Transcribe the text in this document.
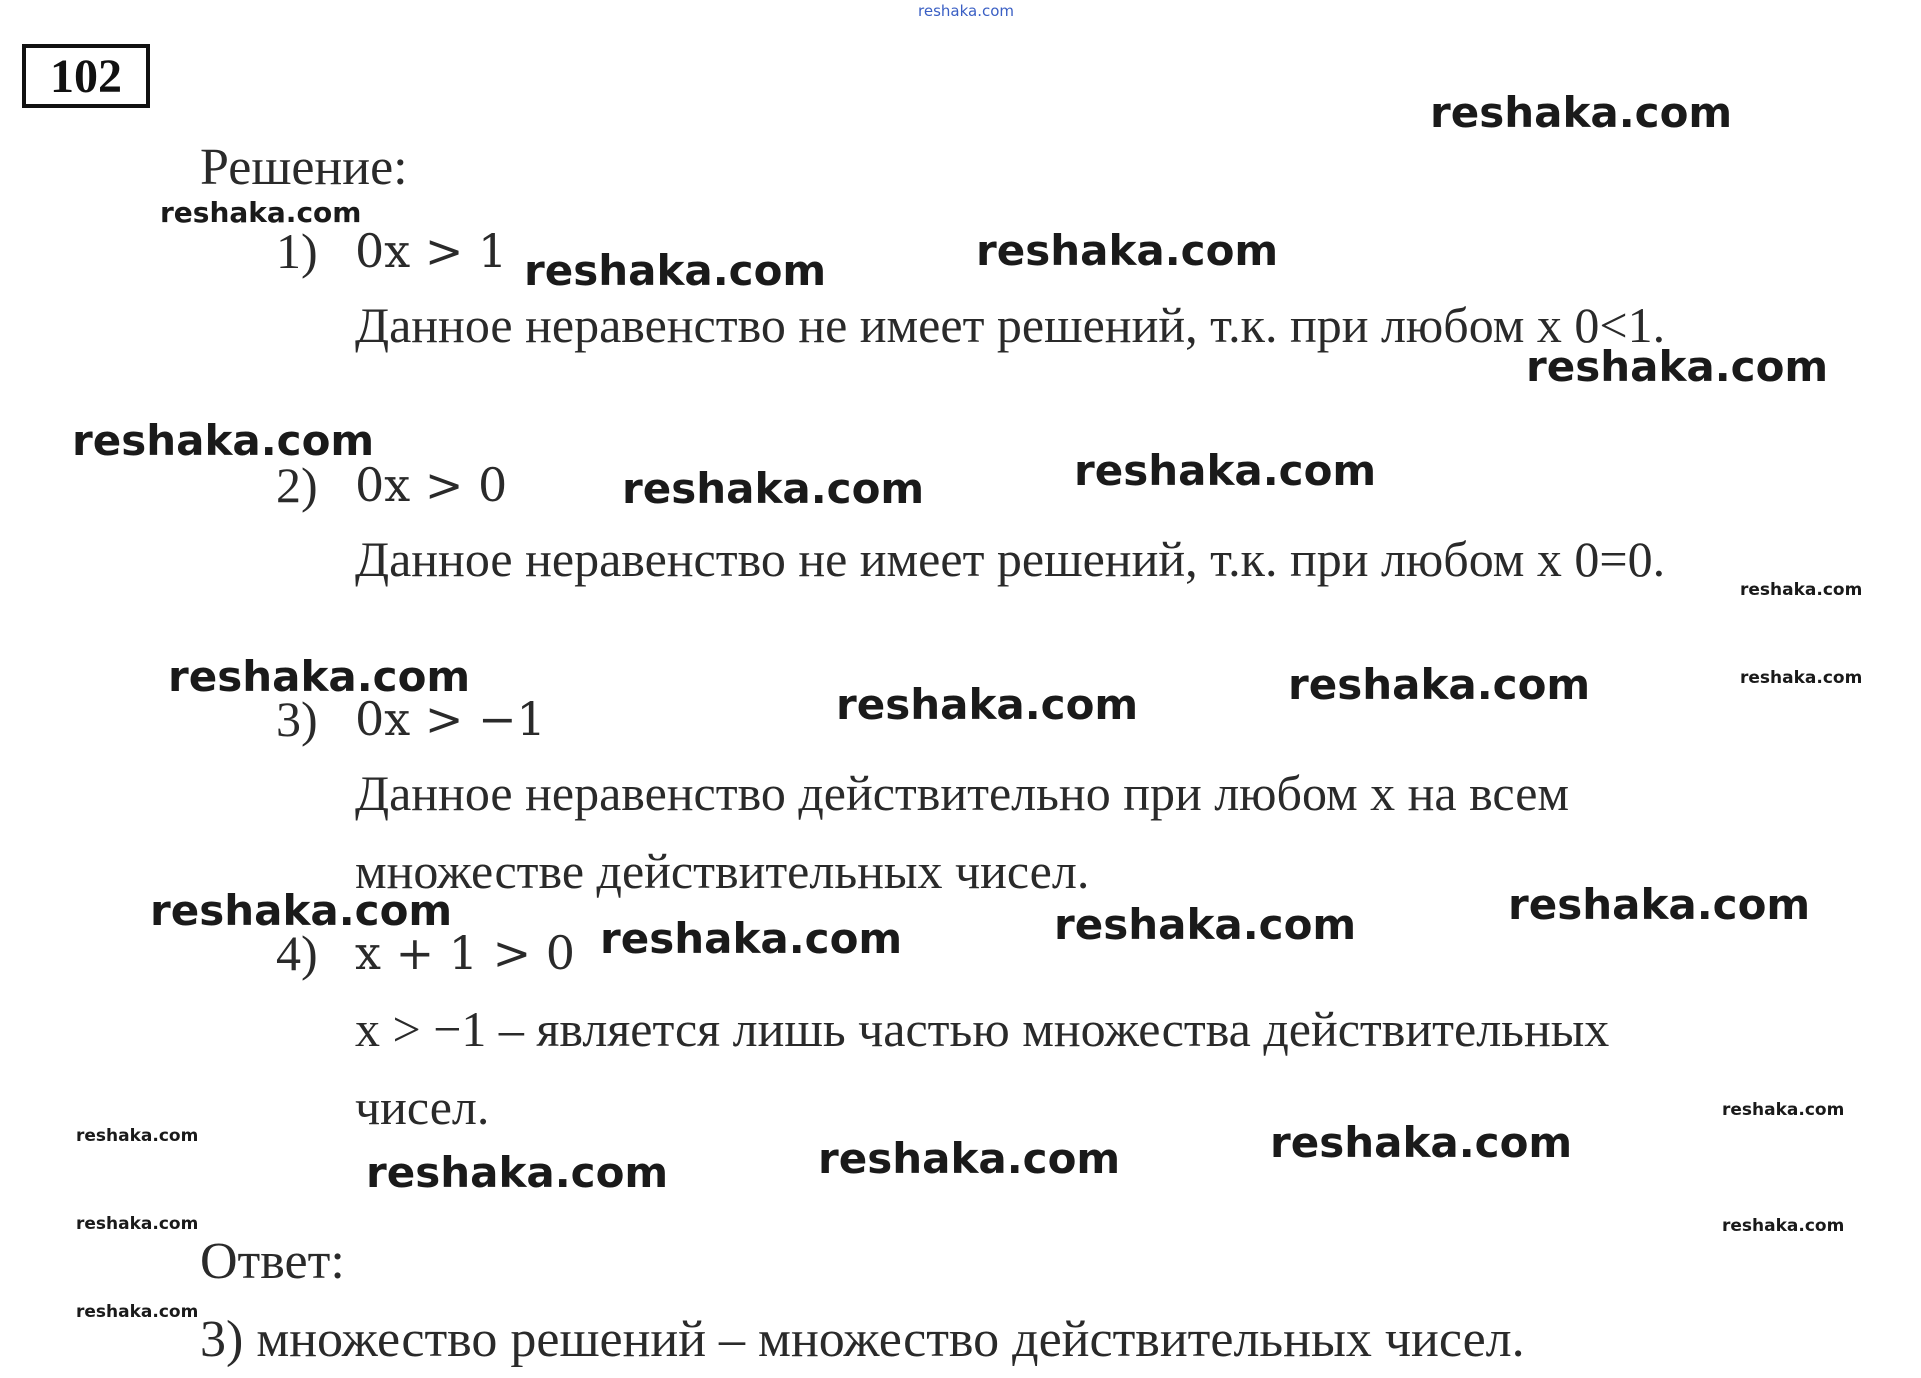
reshaka.com
102
Решение:
1) 0x > 1
Данное неравенство не имеет решений, т.к. при любом х 0<1.
2) 0x > 0
Данное неравенство не имеет решений, т.к. при любом х 0=0.
3) 0x > −1
Данное неравенство действительно при любом x на всем
множестве действительных чисел.
4) x + 1 > 0
x > −1 – является лишь частью множества действительных
чисел.
Ответ:
3) множество решений – множество действительных чисел.
reshaka.com
reshaka.com
reshaka.com	reshaka.com
reshaka.com
reshaka.com
reshaka.com
reshaka.com
reshaka.com
reshaka.com	reshaka.com	reshaka.com
reshaka.com
reshaka.com
reshaka.com	reshaka.com
reshaka.com
reshaka.com
reshaka.com	reshaka.com
reshaka.com
reshaka.com
reshaka.com	reshaka.com
reshaka.com
